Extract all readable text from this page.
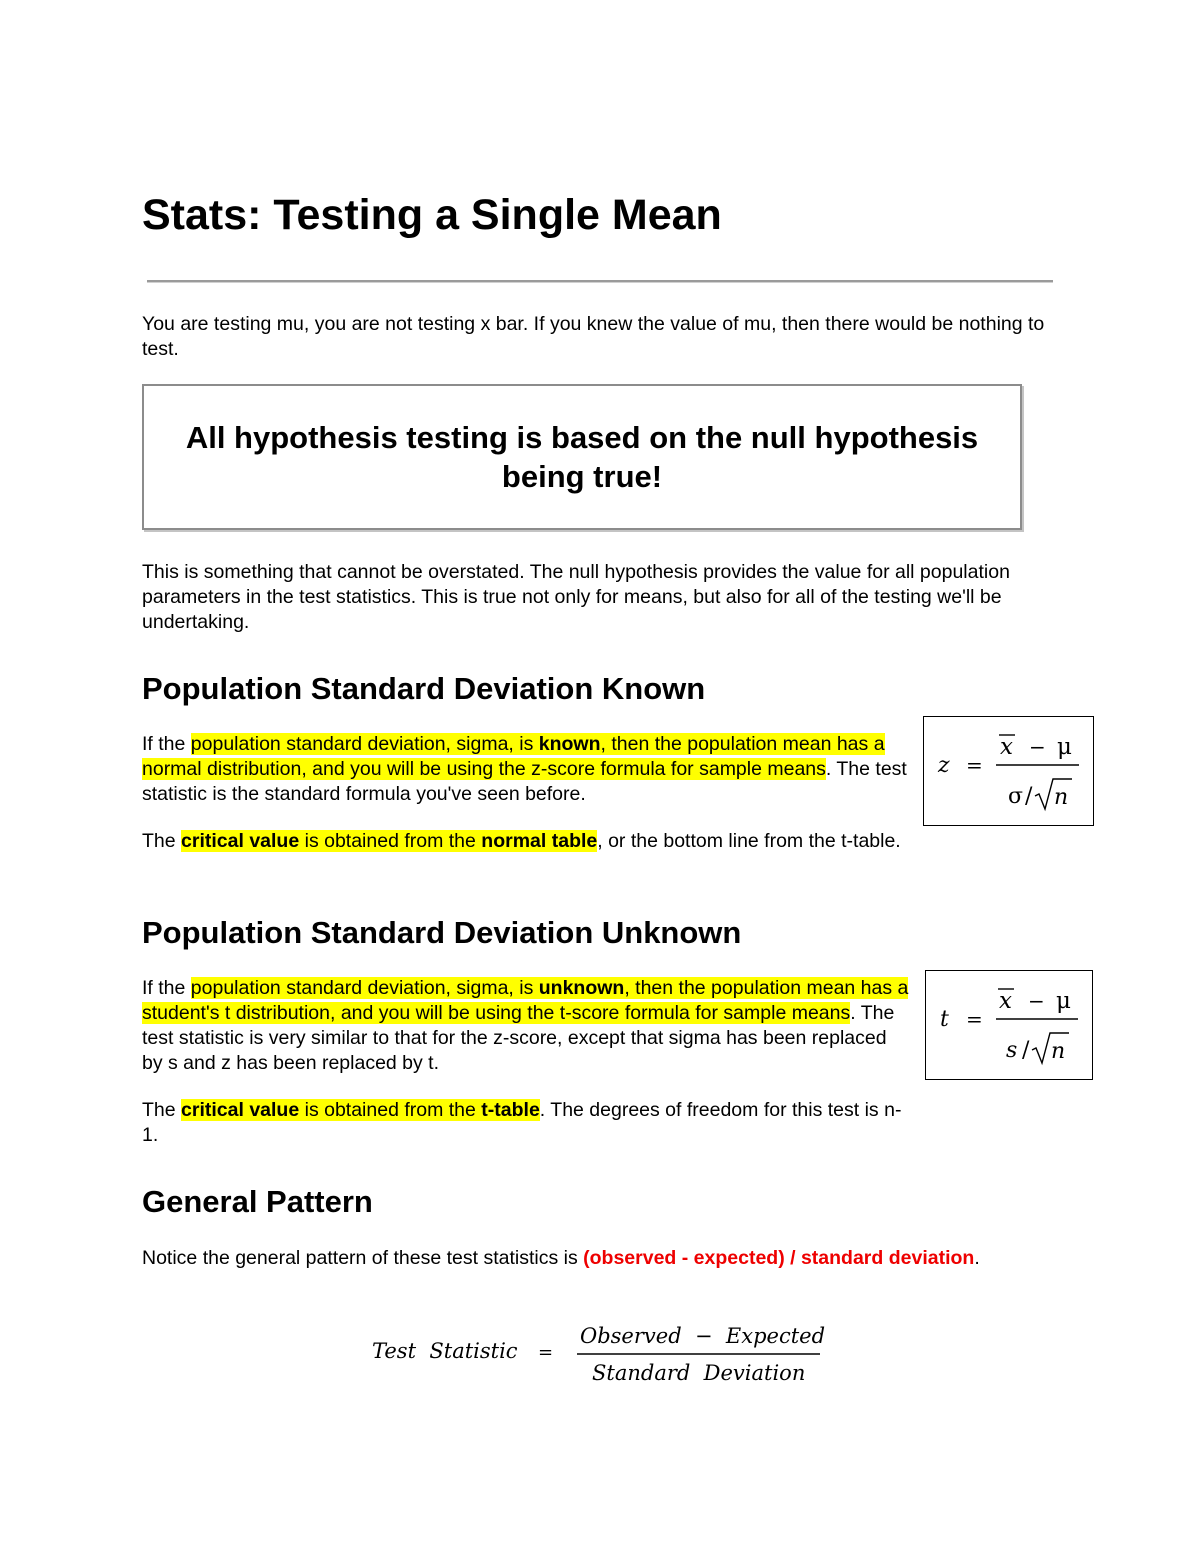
Stats: Testing a Single Mean

You are testing mu, you are not testing x bar. If you knew the value of mu, then there would be nothing to test.

All hypothesis testing is based on the null hypothesis being true!

This is something that cannot be overstated. The null hypothesis provides the value for all population parameters in the test statistics. This is true not only for means, but also for all of the testing we'll be undertaking.

Population Standard Deviation Known

If the population standard deviation, sigma, is known, then the population mean has a normal distribution, and you will be using the z-score formula for sample means. The test statistic is the standard formula you've seen before.

The critical value is obtained from the normal table, or the bottom line from the t-table.

z =
x − μ
σ / n
Population Standard Deviation Unknown

If the population standard deviation, sigma, is unknown, then the population mean has a student's t distribution, and you will be using the t-score formula for sample means. The test statistic is very similar to that for the z-score, except that sigma has been replaced by s and z has been replaced by t.

The critical value is obtained from the t-table. The degrees of freedom for this test is n-1.

t =
x − μ
s / n
General Pattern

Notice the general pattern of these test statistics is (observed - expected) / standard deviation.

Test  Statistic =
Observed  −  Expected
Standard  Deviation
